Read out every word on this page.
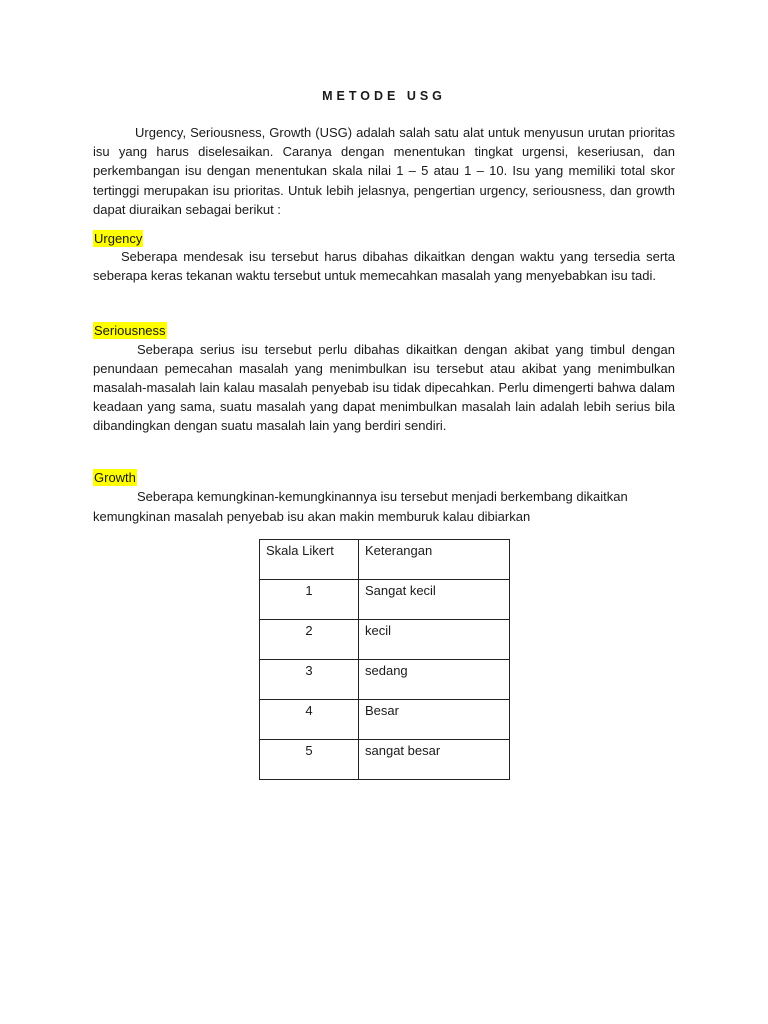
METODE USG

Urgency, Seriousness, Growth (USG) adalah salah satu alat untuk menyusun urutan prioritas isu yang harus diselesaikan. Caranya dengan menentukan tingkat urgensi, keseriusan, dan perkembangan isu dengan menentukan skala nilai 1 – 5 atau 1 – 10. Isu yang memiliki total skor tertinggi merupakan isu prioritas. Untuk lebih jelasnya, pengertian urgency, seriousness, dan growth dapat diuraikan sebagai berikut :

Urgency

Seberapa mendesak isu tersebut harus dibahas dikaitkan dengan waktu yang tersedia serta seberapa keras tekanan waktu tersebut untuk memecahkan masalah yang menyebabkan isu tadi.

Seriousness

Seberapa serius isu tersebut perlu dibahas dikaitkan dengan akibat yang timbul dengan penundaan pemecahan masalah yang menimbulkan isu tersebut atau akibat yang menimbulkan masalah-masalah lain kalau masalah penyebab isu tidak dipecahkan. Perlu dimengerti bahwa dalam keadaan yang sama, suatu masalah yang dapat menimbulkan masalah lain adalah lebih serius bila dibandingkan dengan suatu masalah lain yang berdiri sendiri.

Growth

Seberapa kemungkinan-kemungkinannya isu tersebut menjadi berkembang dikaitkan kemungkinan masalah penyebab isu akan makin memburuk kalau dibiarkan

Skala Likert	Keterangan
1	Sangat kecil
2	kecil
3	sedang
4	Besar
5	sangat besar
